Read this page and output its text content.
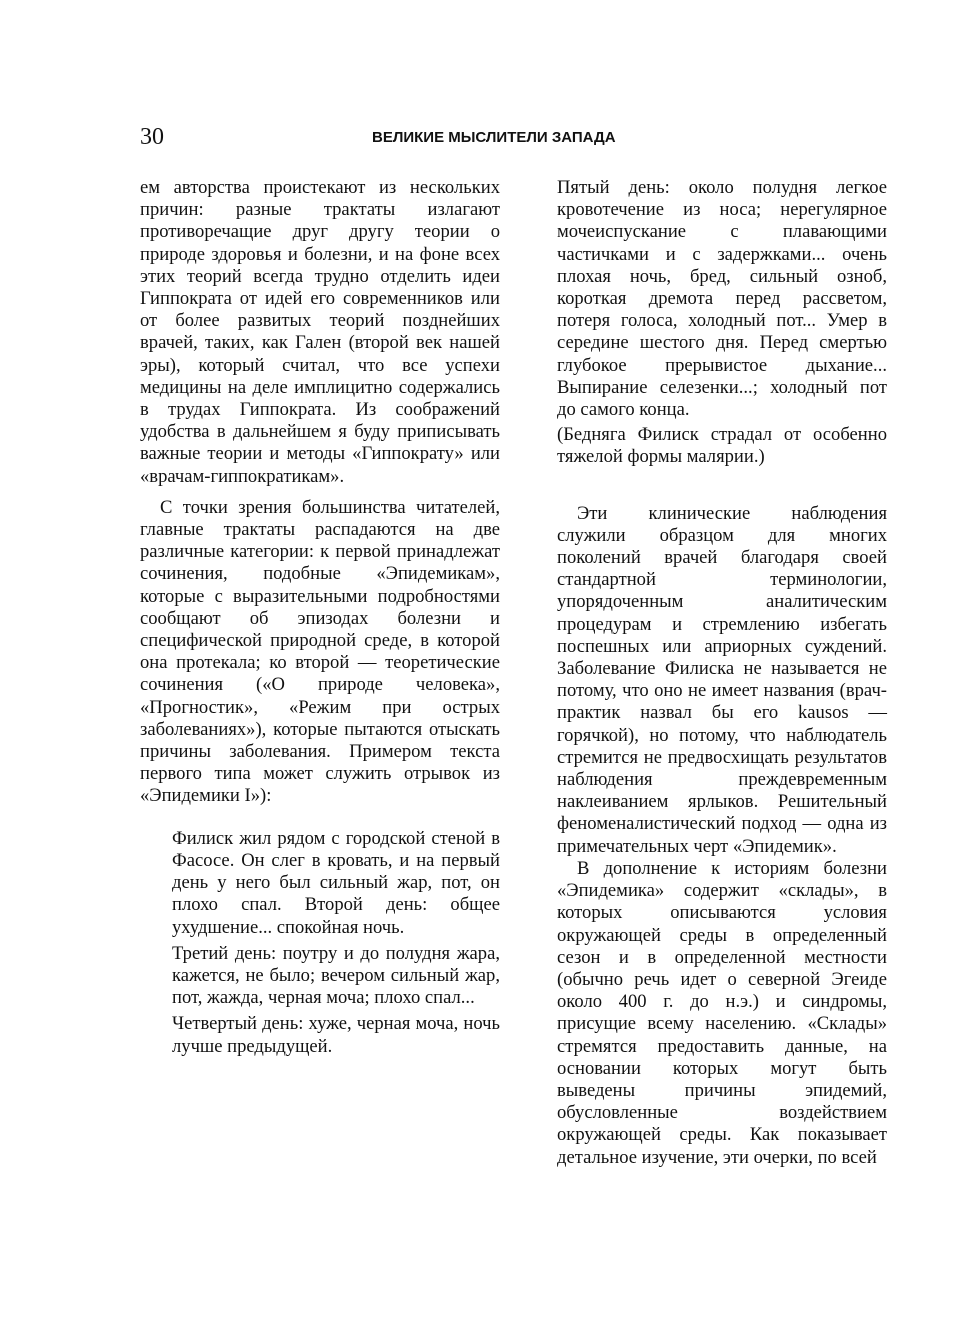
30	ВЕЛИКИЕ МЫСЛИТЕЛИ ЗАПАДА

ем авторства проистекают из нескольких причин: разные трактаты излагают противоречащие друг другу теории о природе здоровья и болезни, и на фоне всех этих теорий всегда трудно отделить идеи Гиппократа от идей его современников или от более развитых теорий позднейших врачей, таких, как Гален (второй век нашей эры), который считал, что все успехи медицины на деле имплицитно содержались в трудах Гиппократа. Из соображений удобства в дальнейшем я буду приписывать важные теории и методы «Гиппократу» или «врачам-гиппократикам».

С точки зрения большинства читателей, главные трактаты распадаются на две различные категории: к первой принадлежат сочинения, подобные «Эпидемикам», которые с выразительными подробностями сообщают об эпизодах болезни и специфической природной среде, в которой она протекала; ко второй — теоретические сочинения («О природе человека», «Прогностик», «Режим при острых заболеваниях»), которые пытаются отыскать причины заболевания. Примером текста первого типа может служить отрывок из «Эпидемики I»):

Филиск жил рядом с городской стеной в Фасосе. Он слег в кровать, и на первый день у него был сильный жар, пот, он плохо спал. Второй день: общее ухудшение... спокойная ночь.

Третий день: поутру и до полудня жара, кажется, не было; вечером сильный жар, пот, жажда, черная моча; плохо спал...

Четвертый день: хуже, черная моча, ночь лучше предыдущей.

Пятый день: около полудня легкое кровотечение из носа; нерегулярное мочеиспускание с плавающими частичками и с задержками... очень плохая ночь, бред, сильный озноб, короткая дремота перед рассветом, потеря голоса, холодный пот... Умер в середине шестого дня. Перед смертью глубокое прерывистое дыхание... Выпирание селезенки...; холодный пот до самого конца.

(Бедняга Филиск страдал от особенно тяжелой формы малярии.)

Эти клинические наблюдения служили образцом для многих поколений врачей благодаря своей стандартной терминологии, упорядоченным аналитическим процедурам и стремлению избегать поспешных или априорных суждений. Заболевание Филиска не называется не потому, что оно не имеет названия (врач-практик назвал бы его kausos — горячкой), но потому, что наблюдатель стремится не предвосхищать результатов наблюдения преждевременным наклеиванием ярлыков. Решительный феноменалистический подход — одна из примечательных черт «Эпидемик».

В дополнение к историям болезни «Эпидемика» содержит «склады», в которых описываются условия окружающей среды в определенный сезон и в определенной местности (обычно речь идет о северной Эгеиде около 400 г. до н.э.) и синдромы, присущие всему населению. «Склады» стремятся предоставить данные, на основании которых могут быть выведены причины эпидемий, обусловленные воздействием окружающей среды. Как показывает детальное изучение, эти очерки, по всей
